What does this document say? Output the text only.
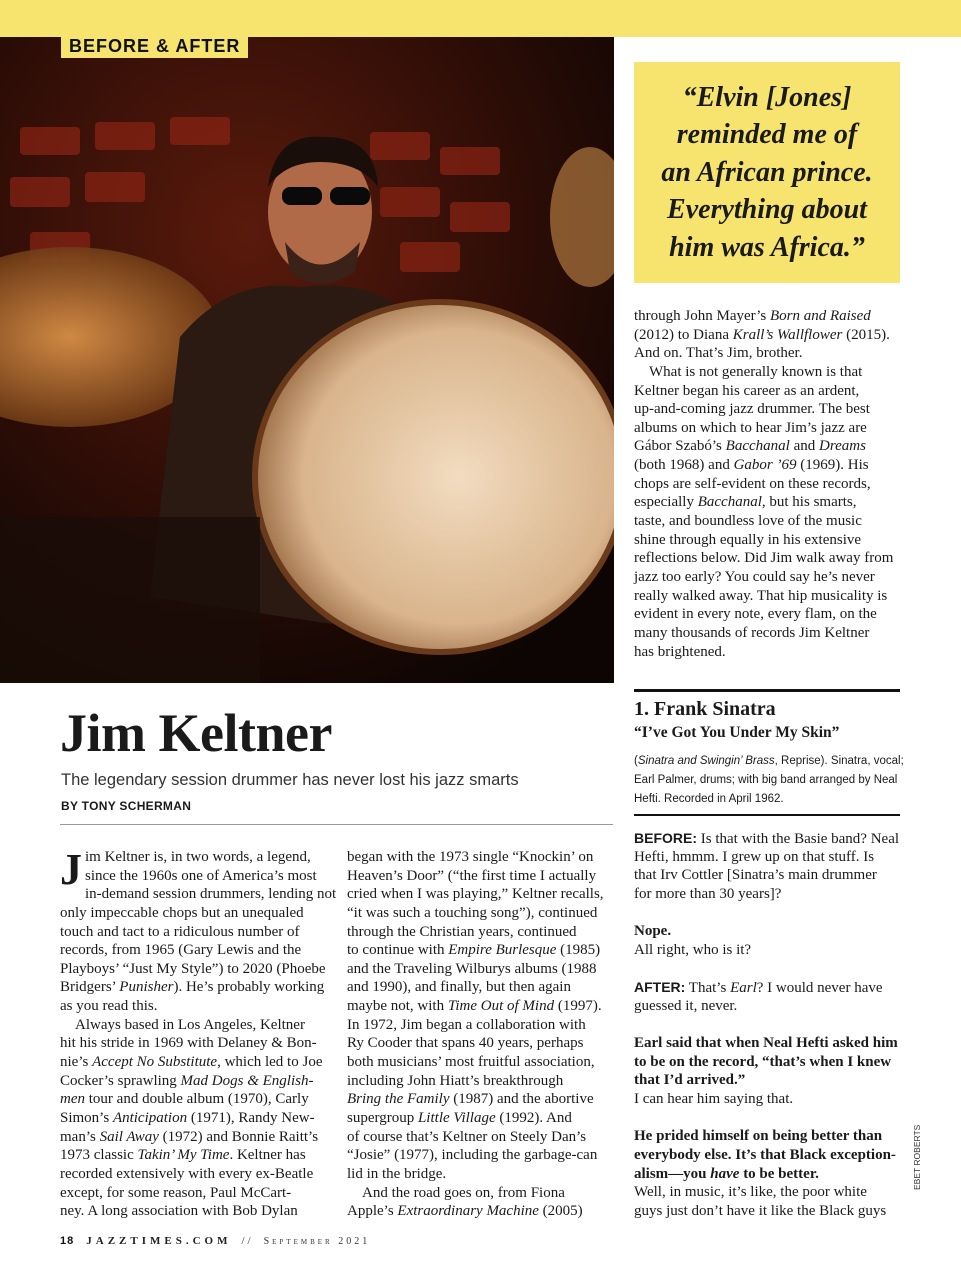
BEFORE & AFTER
“Elvin [Jones]
reminded me of
an African prince.
Everything about
him was Africa.”
through John Mayer’s Born and Raised
(2012) to Diana Krall’s Wallflower (2015).
And on. That’s Jim, brother.
What is not generally known is that
Keltner began his career as an ardent,
up-and-coming jazz drummer. The best
albums on which to hear Jim’s jazz are
Gábor Szabó’s Bacchanal and Dreams
(both 1968) and Gabor ’69 (1969). His
chops are self-evident on these records,
especially Bacchanal, but his smarts,
taste, and boundless love of the music
shine through equally in his extensive
reflections below. Did Jim walk away from
jazz too early? You could say he’s never
really walked away. That hip musicality is
evident in every note, every flam, on the
many thousands of records Jim Keltner
has brightened.
Jim Keltner
The legendary session drummer has never lost his jazz smarts
BY TONY SCHERMAN
J im Keltner is, in two words, a legend,
since the 1960s one of America’s most
in-demand session drummers, lending not
only impeccable chops but an unequaled
touch and tact to a ridiculous number of
records, from 1965 (Gary Lewis and the
Playboys’ “Just My Style”) to 2020 (Phoebe
Bridgers’ Punisher). He’s probably working
as you read this.
Always based in Los Angeles, Keltner
hit his stride in 1969 with Delaney & Bon-
nie’s Accept No Substitute, which led to Joe
Cocker’s sprawling Mad Dogs & English-
men tour and double album (1970), Carly
Simon’s Anticipation (1971), Randy New-
man’s Sail Away (1972) and Bonnie Raitt’s
1973 classic Takin’ My Time. Keltner has
recorded extensively with every ex-Beatle
except, for some reason, Paul McCart-
ney. A long association with Bob Dylan
began with the 1973 single “Knockin’ on
Heaven’s Door” (“the first time I actually
cried when I was playing,” Keltner recalls,
“it was such a touching song”), continued
through the Christian years, continued
to continue with Empire Burlesque (1985)
and the Traveling Wilburys albums (1988
and 1990), and finally, but then again
maybe not, with Time Out of Mind (1997).
In 1972, Jim began a collaboration with
Ry Cooder that spans 40 years, perhaps
both musicians’ most fruitful association,
including John Hiatt’s breakthrough
Bring the Family (1987) and the abortive
supergroup Little Village (1992). And
of course that’s Keltner on Steely Dan’s
“Josie” (1977), including the garbage-can
lid in the bridge.
And the road goes on, from Fiona
Apple’s Extraordinary Machine (2005)
1. Frank Sinatra
“I’ve Got You Under My Skin”
(Sinatra and Swingin’ Brass, Reprise). Sinatra, vocal;
Earl Palmer, drums; with big band arranged by Neal
Hefti. Recorded in April 1962.
BEFORE: Is that with the Basie band? Neal
Hefti, hmmm. I grew up on that stuff. Is
that Irv Cottler [Sinatra’s main drummer
for more than 30 years]?
Nope.
All right, who is it?
AFTER: That’s Earl? I would never have
guessed it, never.
Earl said that when Neal Hefti asked him
to be on the record, “that’s when I knew
that I’d arrived.”
I can hear him saying that.
He prided himself on being better than
everybody else. It’s that Black exception-
alism—you have to be better.
Well, in music, it’s like, the poor white
guys just don’t have it like the Black guys
EBET ROBERTS
18 JAZZTIMES.COM // September 2021
